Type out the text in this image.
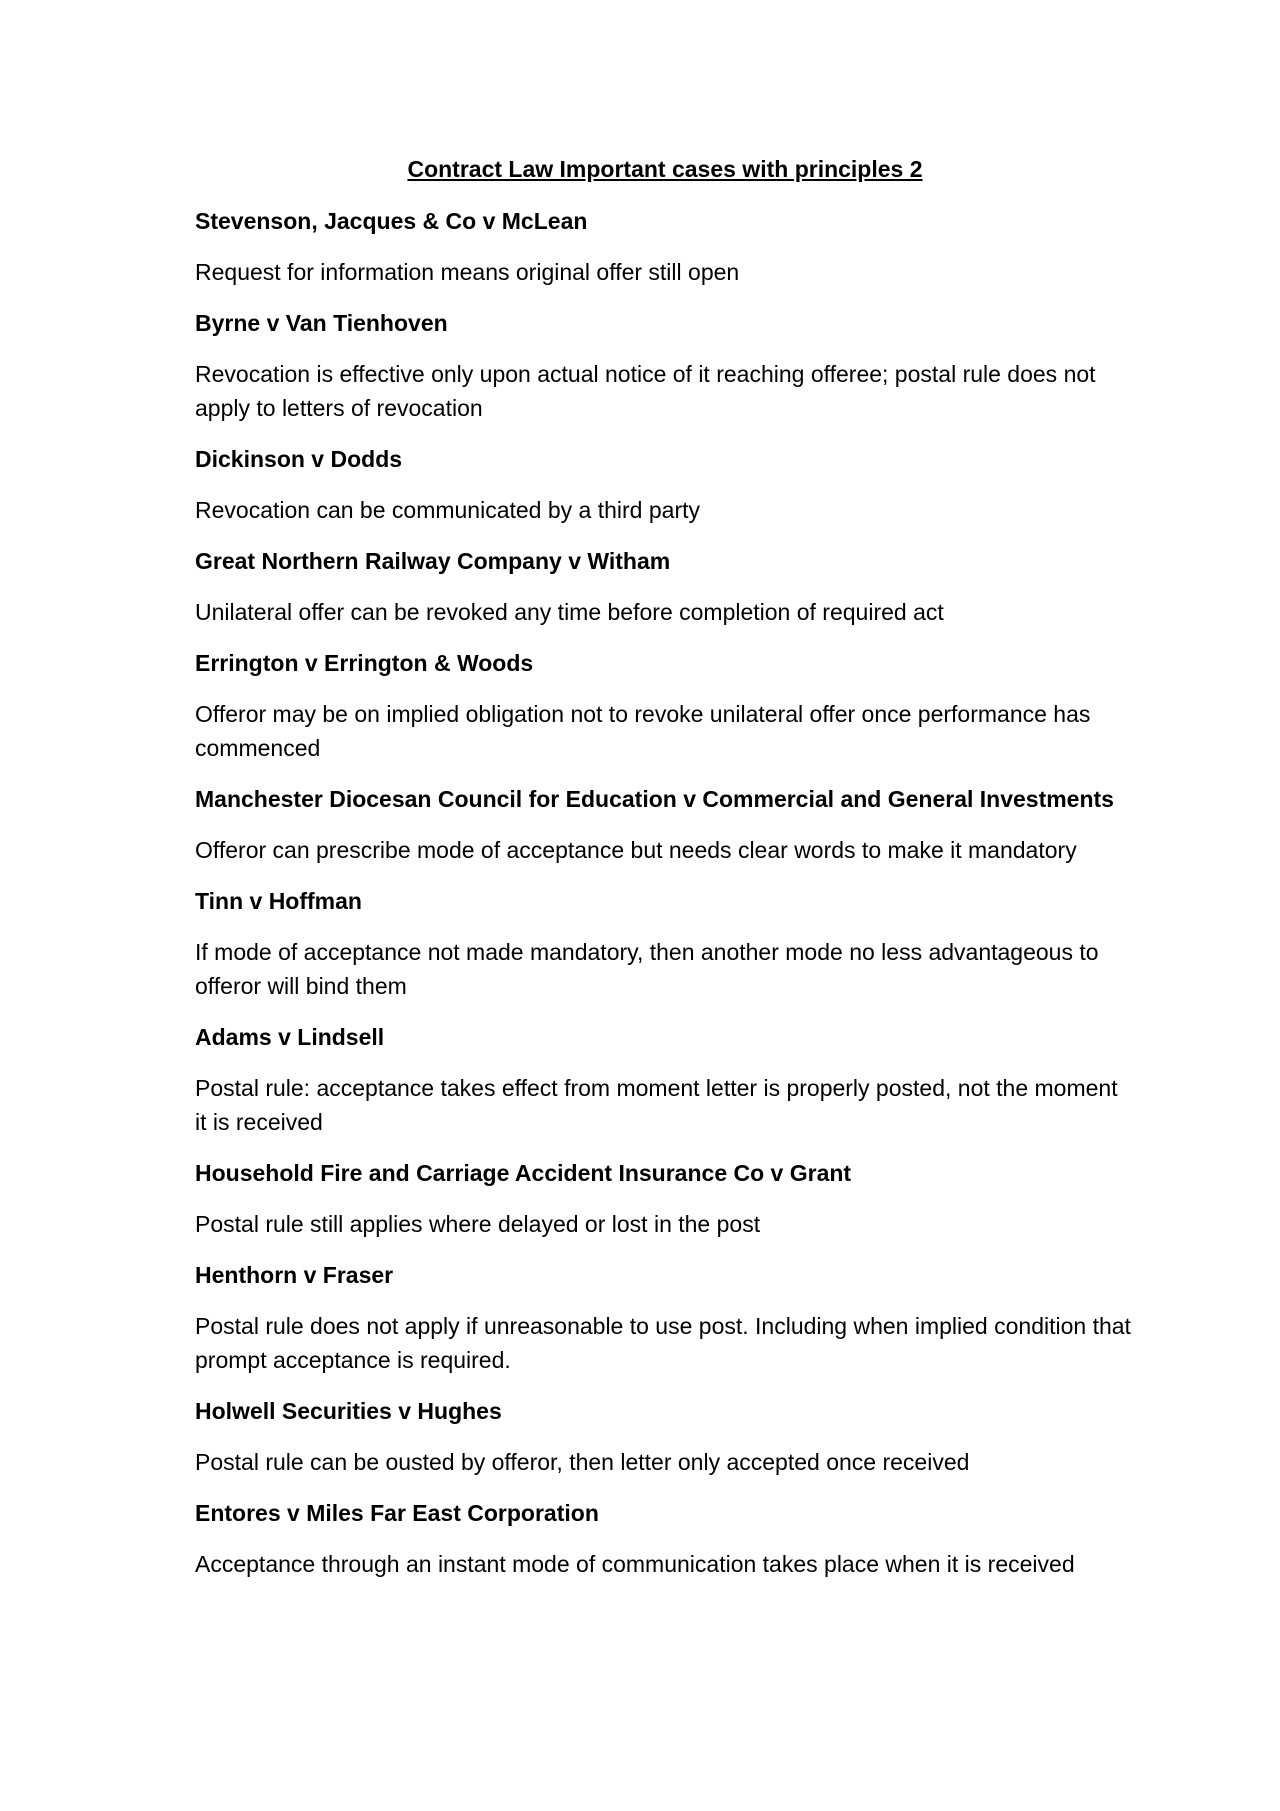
Contract Law Important cases with principles 2
Stevenson, Jacques & Co v McLean
Request for information means original offer still open
Byrne v Van Tienhoven
Revocation is effective only upon actual notice of it reaching offeree; postal rule does not apply to letters of revocation
Dickinson v Dodds
Revocation can be communicated by a third party
Great Northern Railway Company v Witham
Unilateral offer can be revoked any time before completion of required act
Errington v Errington & Woods
Offeror may be on implied obligation not to revoke unilateral offer once performance has commenced
Manchester Diocesan Council for Education v Commercial and General Investments
Offeror can prescribe mode of acceptance but needs clear words to make it mandatory
Tinn v Hoffman
If mode of acceptance not made mandatory, then another mode no less advantageous to offeror will bind them
Adams v Lindsell
Postal rule: acceptance takes effect from moment letter is properly posted, not the moment it is received
Household Fire and Carriage Accident Insurance Co v Grant
Postal rule still applies where delayed or lost in the post
Henthorn v Fraser
Postal rule does not apply if unreasonable to use post. Including when implied condition that prompt acceptance is required.
Holwell Securities v Hughes
Postal rule can be ousted by offeror, then letter only accepted once received
Entores v Miles Far East Corporation
Acceptance through an instant mode of communication takes place when it is received
